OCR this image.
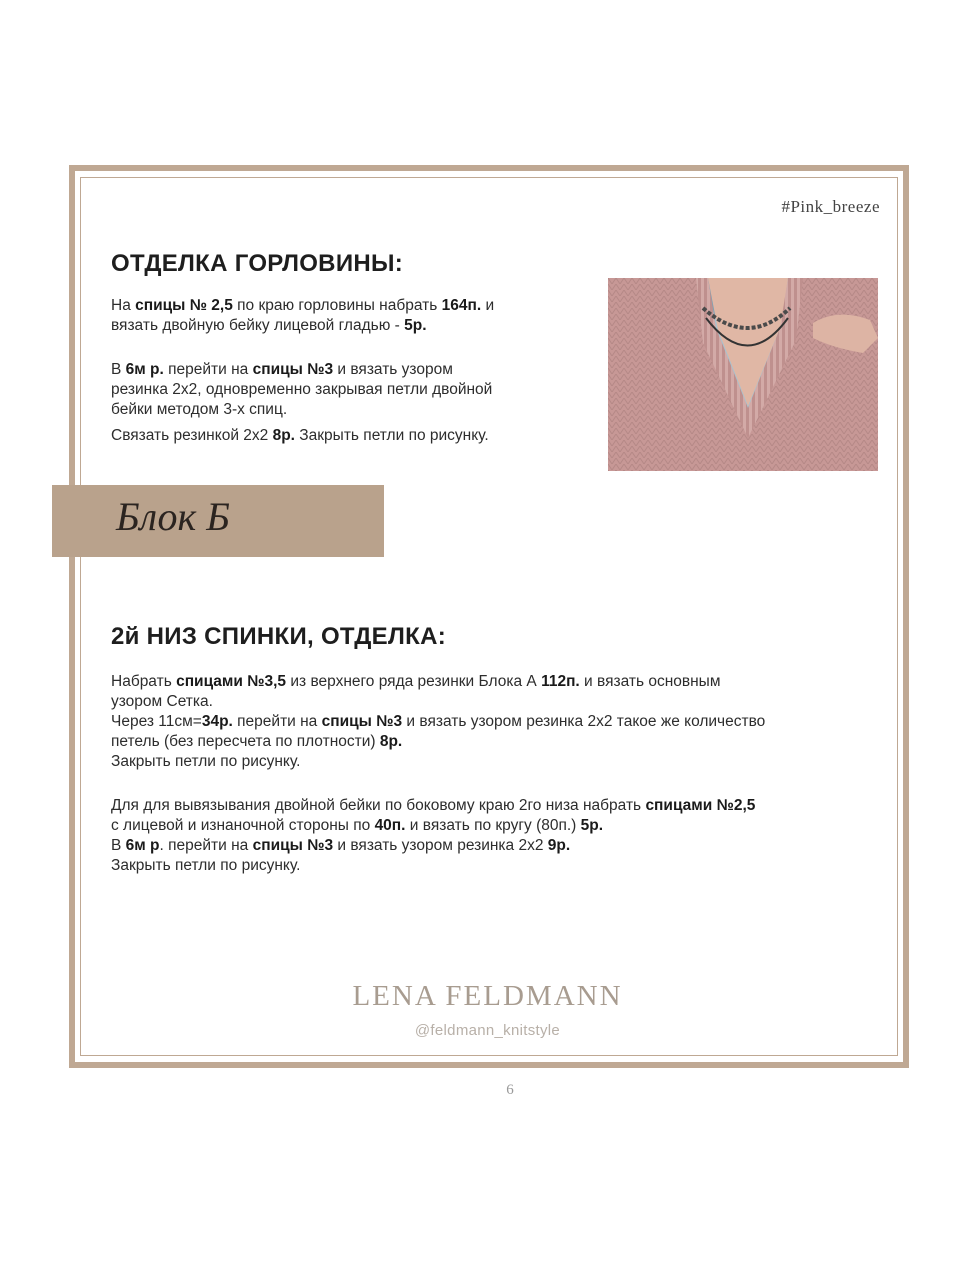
#Pink_breeze
ОТДЕЛКА ГОРЛОВИНЫ:

На спицы № 2,5 по краю горловины набрать 164п. и
вязать двойную бейку лицевой гладью - 5р.

В 6м р. перейти на спицы №3 и вязать узором
резинка 2х2, одновременно закрывая петли двойной
бейки методом 3-х спиц.

Связать резинкой 2х2 8р. Закрыть петли по рисунку.

Блок Б
2й НИЗ СПИНКИ, ОТДЕЛКА:

Набрать спицами №3,5 из верхнего ряда резинки Блока А 112п. и вязать основным
узором Сетка.
Через 11см=34р. перейти на спицы №3 и вязать узором резинка 2х2 такое же количество
петель (без пересчета по плотности) 8р.
Закрыть петли по рисунку.

Для для вывязывания двойной бейки по боковому краю 2го низа набрать спицами №2,5
с лицевой и изнаночной стороны по 40п. и вязать по кругу (80п.) 5р.
В 6м р. перейти на спицы №3 и вязать узором резинка 2х2 9р.
Закрыть петли по рисунку.

LENA FELDMANN
@feldmann_knitstyle
6
